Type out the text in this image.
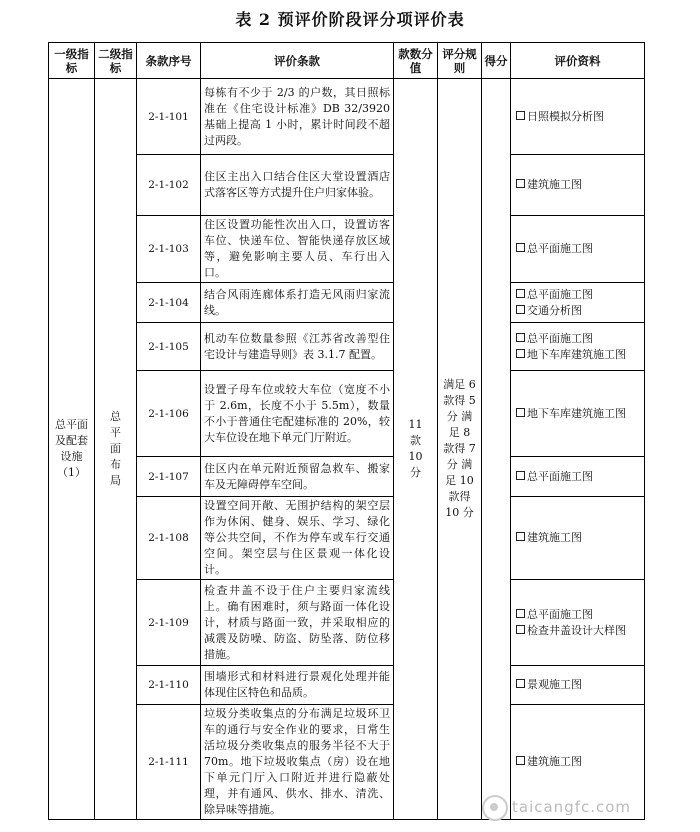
表 2 预评价阶段评分项评价表
一级指标	二级指标	条款序号	评价条款	款数分值	评分规则	得分	评价资料
总平面及配套设施（1）	总平面布局	2-1-101	每栋有不少于 2/3 的户数，其日照标准在《住宅设计标准》DB 32/3920 基础上提高 1 小时，累计时间段不超过两段。	11 款 10 分	满足 6 款得 5 分 满足 8 款得 7 分 满足 10 款得 10 分		日照模拟分析图

		2-1-102	住区主出入口结合住区大堂设置酒店式落客区等方式提升住户归家体验。				建筑施工图

		2-1-103	住区设置功能性次出入口，设置访客车位、快递车位、智能快递存放区域等，避免影响主要人员、车行出入口。				总平面施工图

		2-1-104	结合风雨连廊体系打造无风雨归家流线。				总平面施工图
交通分析图

		2-1-105	机动车位数量参照《江苏省改善型住宅设计与建造导则》表 3.1.7 配置。				总平面施工图
地下车库建筑施工图

		2-1-106	设置子母车位或较大车位（宽度不小于 2.6m，长度不小于 5.5m），数量不小于普通住宅配建标准的 20%，较大车位设在地下单元门厅附近。				地下车库建筑施工图

		2-1-107	住区内在单元附近预留急救车、搬家车及无障碍停车空间。				总平面施工图

		2-1-108	设置空间开敞、无围护结构的架空层作为休闲、健身、娱乐、学习、绿化等公共空间，不作为停车或车行交通空间。架空层与住区景观一体化设计。				建筑施工图

		2-1-109	检查井盖不设于住户主要归家流线上。确有困难时，须与路面一体化设计，材质与路面一致，并采取相应的减震及防噪、防盗、防坠落、防位移措施。				总平面施工图
检查井盖设计大样图

		2-1-110	围墙形式和材料进行景观化处理并能体现住区特色和品质。				景观施工图

		2-1-111	垃圾分类收集点的分布满足垃圾环卫车的通行与安全作业的要求，日常生活垃圾分类收集点的服务半径不大于 70m。地下垃圾收集点（房）设在地下单元门厅入口附近并进行隐蔽处理，并有通风、供水、排水、清洗、除异味等措施。				建筑施工图
taicangfc.com
